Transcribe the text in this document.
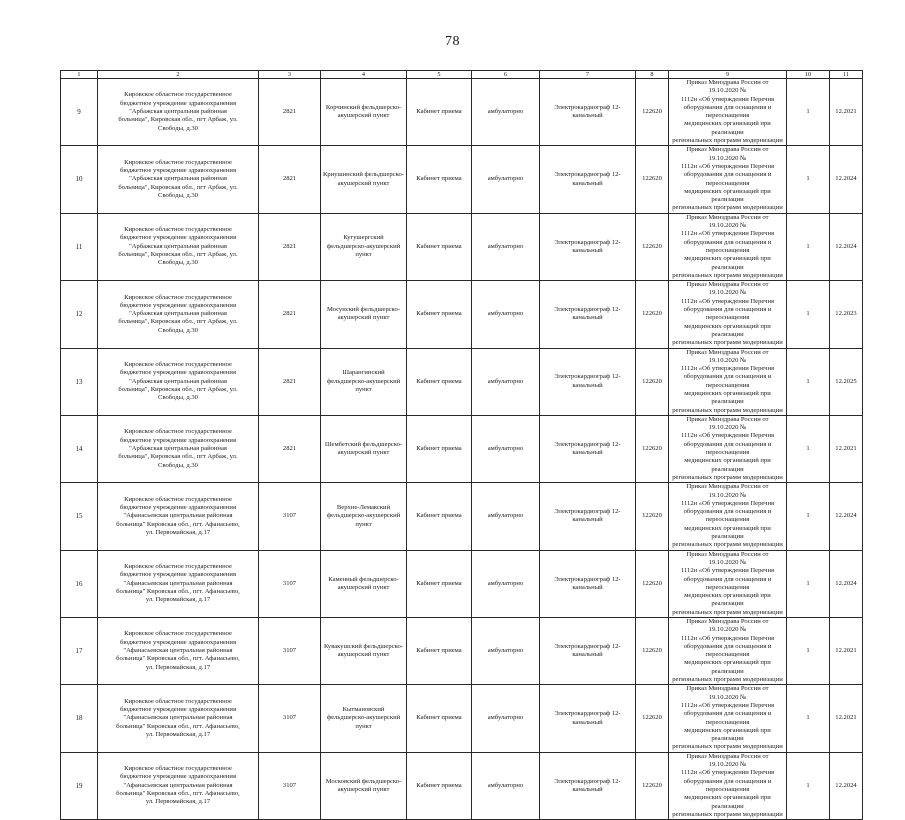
78
1	2	3	4	5	6	7	8	9	10	11
9	Кировское областное государственное
бюджетное учреждение здравоохранения
"Арбажская центральная районная
больница", Кировская обл., пгт Арбаж, ул.
Свободы, д.30	2821	Корчинский фельдшерско-акушерский пункт	Кабинет приема	амбулаторно	Электрокардиограф 12-канальный	122620	Приказ Минздрава России от 19.10.2020 №
1112н «Об утверждении Перечня
оборудования для оснащения и переоснащения
медицинских организаций при реализации
региональных программ модернизации	1	12.2021
10	Кировское областное государственное
бюджетное учреждение здравоохранения
"Арбажская центральная районная
больница", Кировская обл., пгт Арбаж, ул.
Свободы, д.30	2821	Криушинский фельдшерско-акушерский пункт	Кабинет приема	амбулаторно	Электрокардиограф 12-канальный	122620	Приказ Минздрава России от 19.10.2020 №
1112н «Об утверждении Перечня
оборудования для оснащения и переоснащения
медицинских организаций при реализации
региональных программ модернизации	1	12.2024
11	Кировское областное государственное
бюджетное учреждение здравоохранения
"Арбажская центральная районная
больница", Кировская обл., пгт Арбаж, ул.
Свободы, д.30	2821	Кугушергский фельдшерско-акушерский пункт	Кабинет приема	амбулаторно	Электрокардиограф 12-канальный	122620	Приказ Минздрава России от 19.10.2020 №
1112н «Об утверждении Перечня
оборудования для оснащения и переоснащения
медицинских организаций при реализации
региональных программ модернизации	1	12.2024
12	Кировское областное государственное
бюджетное учреждение здравоохранения
"Арбажская центральная районная
больница", Кировская обл., пгт Арбаж, ул.
Свободы, д.30	2821	Мосунский фельдшерско-акушерский пункт	Кабинет приема	амбулаторно	Электрокардиограф 12-канальный	122620	Приказ Минздрава России от 19.10.2020 №
1112н «Об утверждении Перечня
оборудования для оснащения и переоснащения
медицинских организаций при реализации
региональных программ модернизации	1	12.2023
13	Кировское областное государственное
бюджетное учреждение здравоохранения
"Арбажская центральная районная
больница", Кировская обл., пгт Арбаж, ул.
Свободы, д.30	2821	Шарангинский фельдшерско-акушерский пункт	Кабинет приема	амбулаторно	Электрокардиограф 12-канальный	122620	Приказ Минздрава России от 19.10.2020 №
1112н «Об утверждении Перечня
оборудования для оснащения и переоснащения
медицинских организаций при реализации
региональных программ модернизации	1	12.2025
14	Кировское областное государственное
бюджетное учреждение здравоохранения
"Арбажская центральная районная
больница", Кировская обл., пгт Арбаж, ул.
Свободы, д.30	2821	Шембетский фельдшерско-акушерский пункт	Кабинет приема	амбулаторно	Электрокардиограф 12-канальный	122620	Приказ Минздрава России от 19.10.2020 №
1112н «Об утверждении Перечня
оборудования для оснащения и переоснащения
медицинских организаций при реализации
региональных программ модернизации	1	12.2021
15	Кировское областное государственное
бюджетное учреждение здравоохранения
"Афанасьевская центральная районная
больница" Кировская обл., пгт. Афанасьево,
ул. Первомайская, д.17	3107	Верхне-Лемакский фельдшерско-акушерский пункт	Кабинет приема	амбулаторно	Электрокардиограф 12-канальный	122620	Приказ Минздрава России от 19.10.2020 №
1112н «Об утверждении Перечня
оборудования для оснащения и переоснащения
медицинских организаций при реализации
региональных программ модернизации	1	12.2024
16	Кировское областное государственное
бюджетное учреждение здравоохранения
"Афанасьевская центральная районная
больница" Кировская обл., пгт. Афанасьево,
ул. Первомайская, д.17	3107	Каменный фельдшерско-акушерский пункт	Кабинет приема	амбулаторно	Электрокардиограф 12-канальный	122620	Приказ Минздрава России от 19.10.2020 №
1112н «Об утверждении Перечня
оборудования для оснащения и переоснащения
медицинских организаций при реализации
региональных программ модернизации	1	12.2024
17	Кировское областное государственное
бюджетное учреждение здравоохранения
"Афанасьевская центральная районная
больница" Кировская обл., пгт. Афанасьево,
ул. Первомайская, д.17	3107	Кувакушский фельдшерско-акушерский пункт	Кабинет приема	амбулаторно	Электрокардиограф 12-канальный	122620	Приказ Минздрава России от 19.10.2020 №
1112н «Об утверждении Перечня
оборудования для оснащения и переоснащения
медицинских организаций при реализации
региональных программ модернизации	1	12.2021
18	Кировское областное государственное
бюджетное учреждение здравоохранения
"Афанасьевская центральная районная
больница" Кировская обл., пгт. Афанасьево,
ул. Первомайская, д.17	3107	Кытмановский фельдшерско-акушерский пункт	Кабинет приема	амбулаторно	Электрокардиограф 12-канальный	122620	Приказ Минздрава России от 19.10.2020 №
1112н «Об утверждении Перечня
оборудования для оснащения и переоснащения
медицинских организаций при реализации
региональных программ модернизации	1	12.2021
19	Кировское областное государственное
бюджетное учреждение здравоохранения
"Афанасьевская центральная районная
больница" Кировская обл., пгт. Афанасьево,
ул. Первомайская, д.17	3107	Московский фельдшерско-акушерский пункт	Кабинет приема	амбулаторно	Электрокардиограф 12-канальный	122620	Приказ Минздрава России от 19.10.2020 №
1112н «Об утверждении Перечня
оборудования для оснащения и переоснащения
медицинских организаций при реализации
региональных программ модернизации	1	12.2024
